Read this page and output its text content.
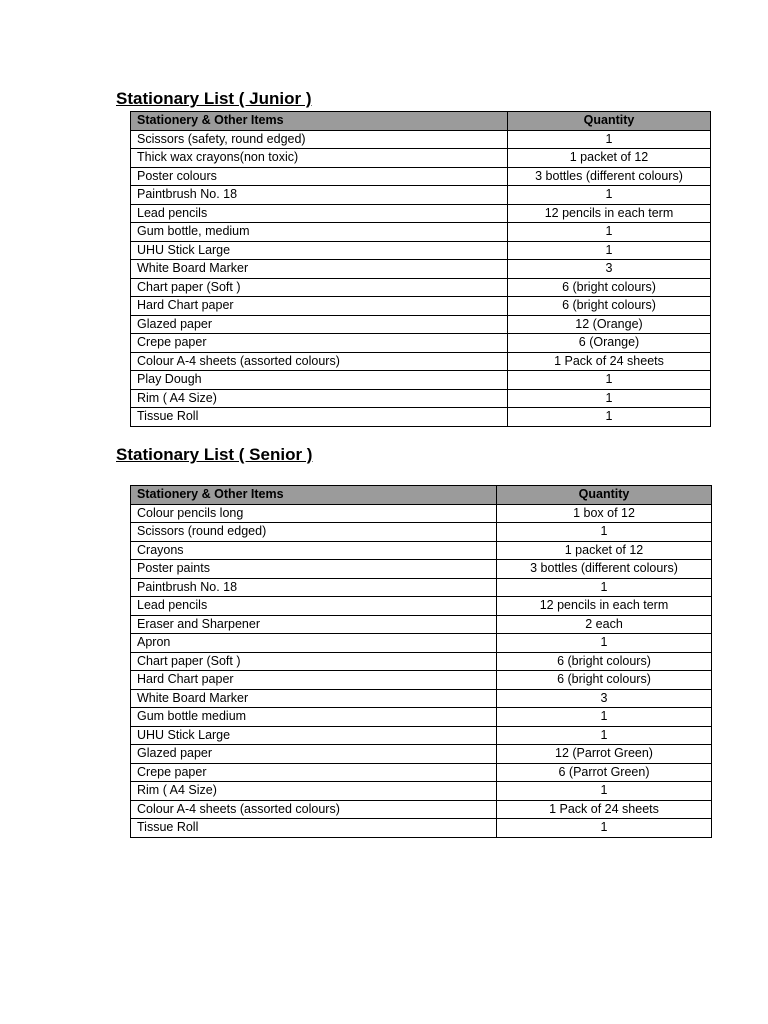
Stationary List ( Junior )
Stationery & Other Items	Quantity
Scissors (safety, round edged)	1
Thick wax crayons(non toxic)	1 packet of 12
Poster colours	3 bottles (different colours)
Paintbrush No. 18	1
Lead pencils	12 pencils in each term
Gum bottle, medium	1
UHU Stick Large	1
White Board Marker	3
Chart paper (Soft )	6 (bright colours)
Hard Chart paper	6 (bright colours)
Glazed paper	12 (Orange)
Crepe paper	6 (Orange)
Colour A-4 sheets (assorted colours)	1 Pack of 24 sheets
Play Dough	1
Rim ( A4 Size)	1
Tissue Roll	1
Stationary List ( Senior )
Stationery & Other Items	Quantity
Colour pencils long	1 box of 12
Scissors (round edged)	1
Crayons	1 packet of 12
Poster paints	3 bottles (different colours)
Paintbrush No. 18	1
Lead pencils	12 pencils in each term
Eraser and Sharpener	2 each
Apron	1
Chart paper (Soft )	6 (bright colours)
Hard Chart paper	6 (bright colours)
White Board Marker	3
Gum bottle medium	1
UHU Stick Large	1
Glazed paper	12 (Parrot Green)
Crepe paper	6 (Parrot Green)
Rim ( A4 Size)	1
Colour A-4 sheets (assorted colours)	1 Pack of 24 sheets
Tissue Roll	1
